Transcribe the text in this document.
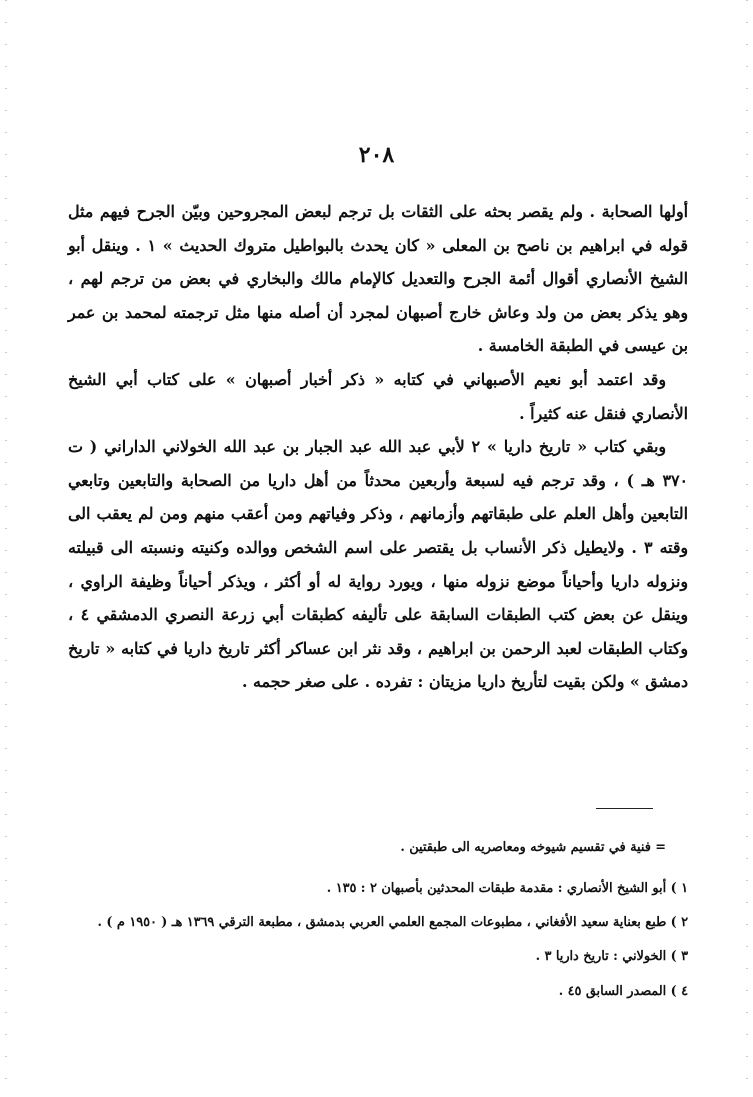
٢٠٨

أولها الصحابة . ولم يقصر بحثه على الثقات بل ترجم لبعض المجروحين وبيّن الجرح فيهم مثل قوله في ابراهيم بن ناصح بن المعلى « كان يحدث بالبواطيل متروك الحديث » ١ . وينقل أبو الشيخ الأنصاري أقوال أئمة الجرح والتعديل كالإمام مالك والبخاري في بعض من ترجم لهم ، وهو يذكر بعض من ولد وعاش خارج أصبهان لمجرد أن أصله منها مثل ترجمته لمحمد بن عمر بن عيسى في الطبقة الخامسة .

وقد اعتمد أبو نعيم الأصبهاني في كتابه « ذكر أخبار أصبهان » على كتاب أبي الشيخ الأنصاري فنقل عنه كثيراً .

وبقي كتاب « تاريخ داريا » ٢ لأبي عبد الله عبد الجبار بن عبد الله الخولاني الداراني ( ت ٣٧٠ هـ ) ، وقد ترجم فيه لسبعة وأربعين محدثاً من أهل داريا من الصحابة والتابعين وتابعي التابعين وأهل العلم على طبقاتهم وأزمانهم ، وذكر وفياتهم ومن أعقب منهم ومن لم يعقب الى وقته ٣ . ولايطيل ذكر الأنساب بل يقتصر على اسم الشخص ووالده وكنيته ونسبته الى قبيلته ونزوله داريا وأحياناً موضع نزوله منها ، ويورد رواية له أو أكثر ، ويذكر أحياناً وظيفة الراوي ، وينقل عن بعض كتب الطبقات السابقة على تأليفه كطبقات أبي زرعة النصري الدمشقي ٤ ، وكتاب الطبقات لعبد الرحمن بن ابراهيم ، وقد نثر ابن عساكر أكثر تاريخ داريا في كتابه « تاريخ دمشق » ولكن بقيت لتأريخ داريا مزيتان : تفرده . على صغر حجمه .

= فنية في تقسيم شيوخه ومعاصريه الى طبقتين .

١ ) أبو الشيخ الأنصاري : مقدمة طبقات المحدثين بأصبهان ٢ : ١٣٥ .

٢ ) طبع بعناية سعيد الأفغاني ، مطبوعات المجمع العلمي العربي بدمشق ، مطبعة الترقي ١٣٦٩ هـ ( ١٩٥٠ م ) .

٣ ) الخولاني : تاريخ داريا ٣ .

٤ ) المصدر السابق ٤٥ .
